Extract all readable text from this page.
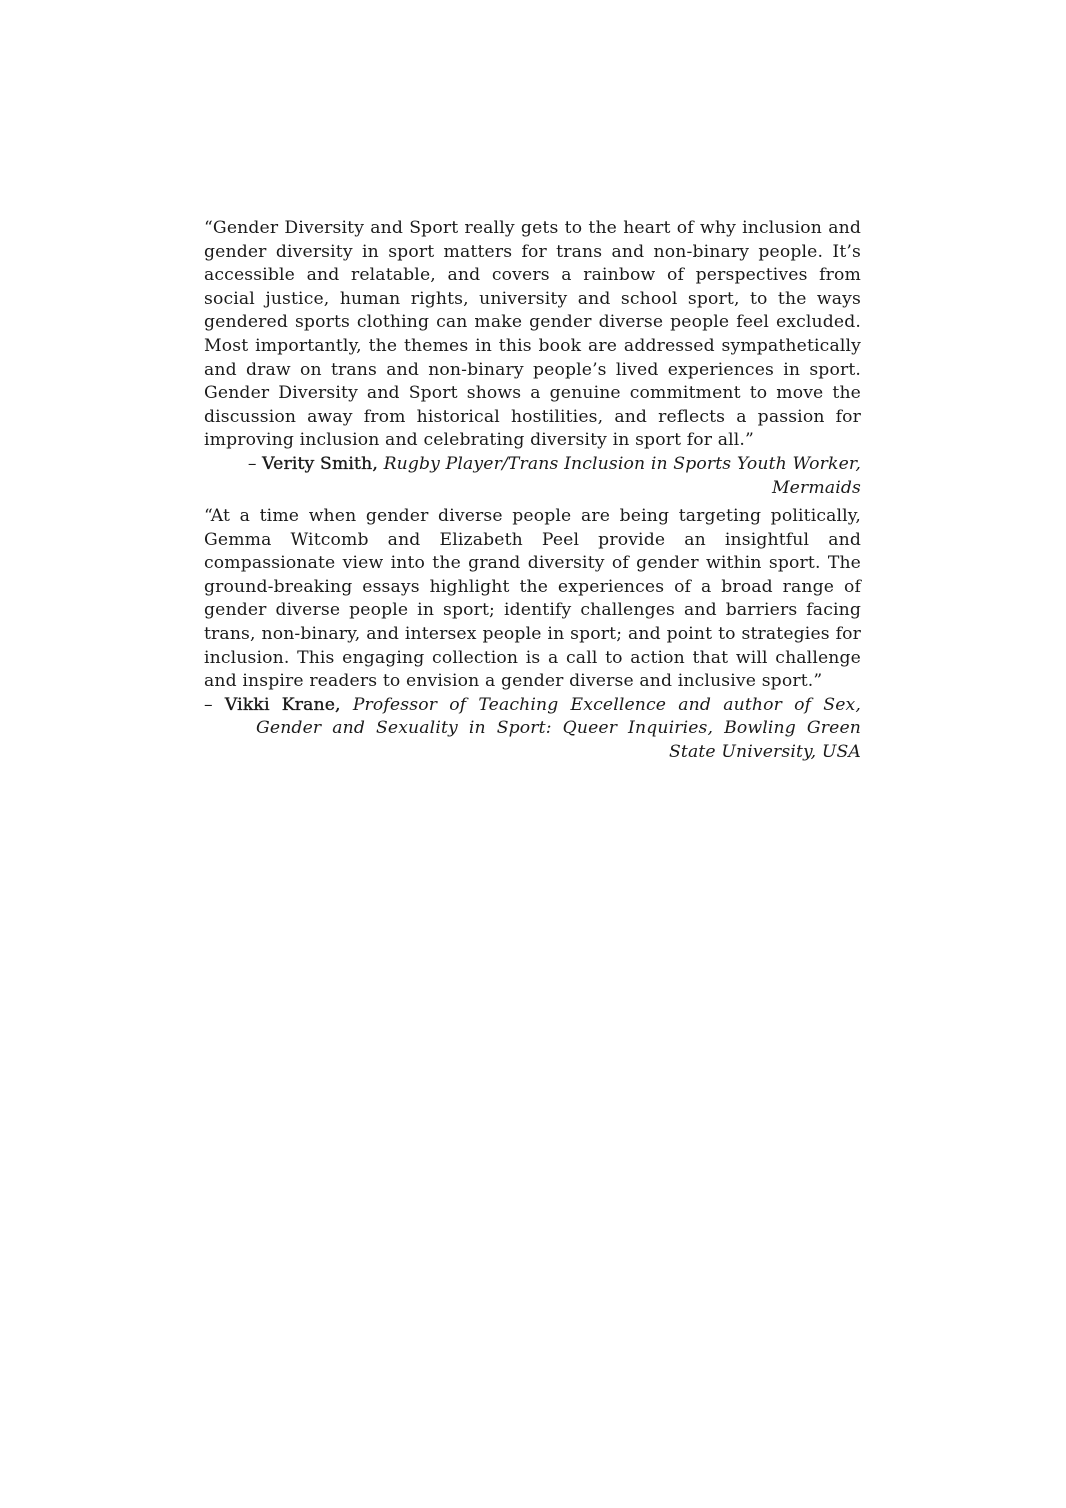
“Gender Diversity and Sport really gets to the heart of why inclusion and gender diversity in sport matters for trans and non-binary people. It’s accessible and relatable, and covers a rainbow of perspectives from social justice, human rights, university and school sport, to the ways gendered sports clothing can make gender diverse people feel excluded. Most importantly, the themes in this book are addressed sympathetically and draw on trans and non-binary people’s lived experiences in sport. Gender Diversity and Sport shows a genuine commitment to move the discussion away from historical hostilities, and reflects a passion for improving inclusion and celebrating diversity in sport for all.”

– Verity Smith, Rugby Player/Trans Inclusion in Sports Youth Worker, Mermaids

“At a time when gender diverse people are being targeting politically, Gemma Witcomb and Elizabeth Peel provide an insightful and compassionate view into the grand diversity of gender within sport. The ground-breaking essays highlight the experiences of a broad range of gender diverse people in sport; identify challenges and barriers facing trans, non-binary, and intersex people in sport; and point to strategies for inclusion. This engaging collection is a call to action that will challenge and inspire readers to envision a gender diverse and inclusive sport.”

– Vikki Krane, Professor of Teaching Excellence and author of Sex, Gender and Sexuality in Sport: Queer Inquiries, Bowling Green State University, USA
